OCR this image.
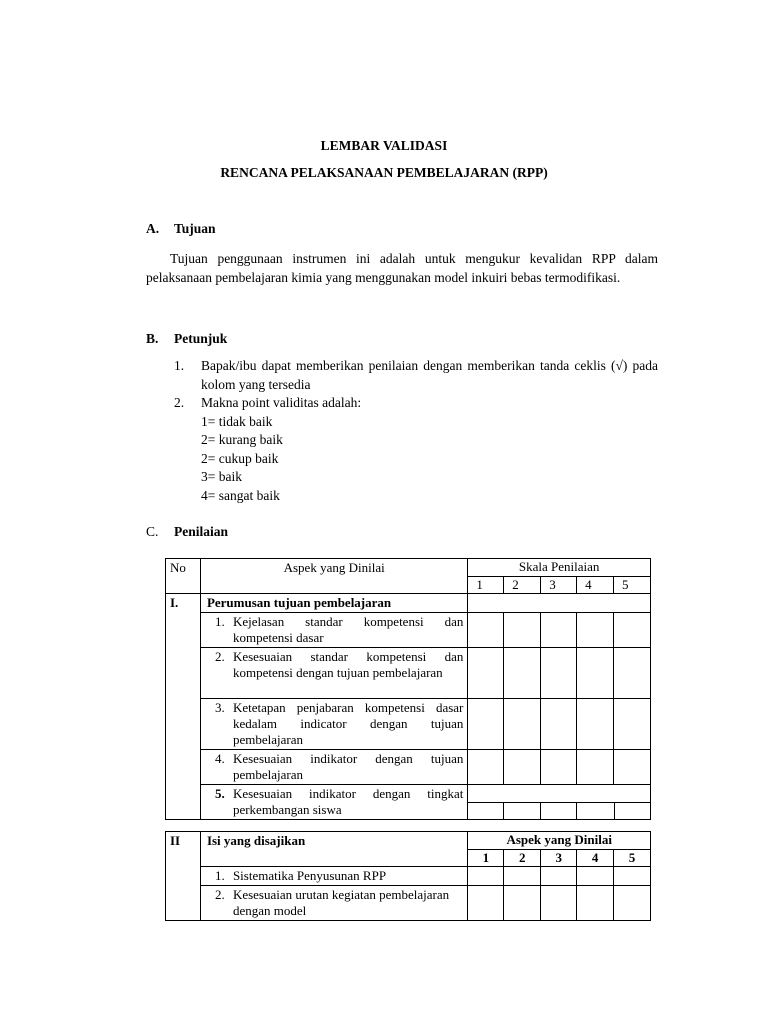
LEMBAR VALIDASI
RENCANA PELAKSANAAN PEMBELAJARAN (RPP)
A. Tujuan
Tujuan penggunaan instrumen ini adalah untuk mengukur kevalidan RPP dalam pelaksanaan pembelajaran kimia yang menggunakan model inkuiri bebas termodifikasi.
B. Petunjuk
1.	Bapak/ibu dapat memberikan penilaian dengan memberikan tanda ceklis (√) pada kolom yang tersedia
2.	Makna point validitas adalah:
1= tidak baik
2= kurang baik
2= cukup baik
3= baik
4= sangat baik
C. Penilaian
No	Aspek yang Dinilai	Skala Penilaian				
		1	2	3	4	5
I.	Perumusan tujuan pembelajaran					

	1. Kejelasan standar kompetensi dan kompetensi dasar					

	2. Kesesuaian standar kompetensi dan kompetensi dengan tujuan pembelajaran					

	3. Ketetapan penjabaran kompetensi dasar kedalam indicator dengan tujuan pembelajaran					

	4. Kesesuaian indikator dengan tujuan pembelajaran					

	5. Kesesuaian indikator dengan tingkat perkembangan siswa					

II	Isi yang disajikan	Aspek yang Dinilai				
		1	2	3	4	5

	1. Sistematika Penyusunan RPP					

	2. Kesesuaian urutan kegiatan pembelajaran dengan model					
